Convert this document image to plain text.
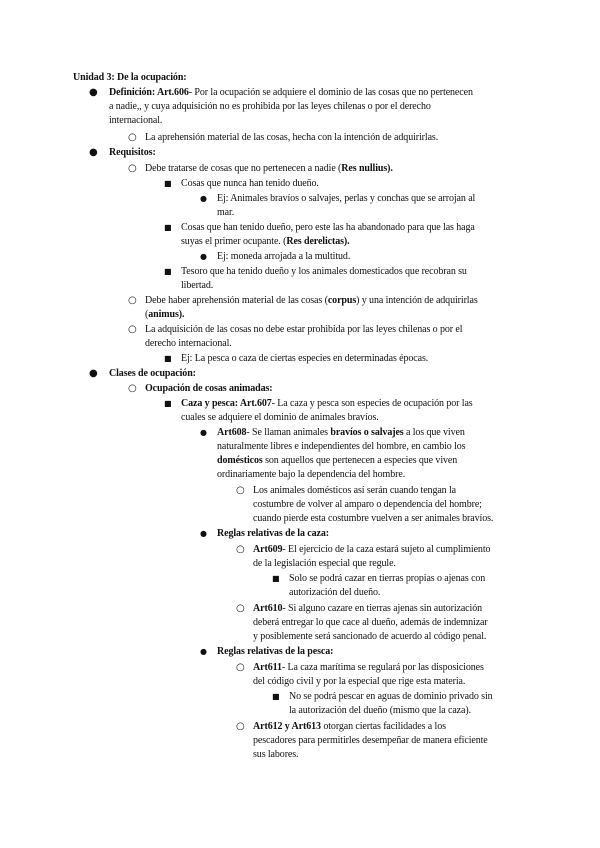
Unidad 3: De la ocupación:
● Definición: Art.606- Por la ocupación se adquiere el dominio de las cosas que no pertenecen
a nadie,, y cuya adquisición no es prohibida por las leyes chilenas o por el derecho
internacional.
○ La aprehensión material de las cosas, hecha con la intención de adquirirlas.
● Requisitos:
○ Debe tratarse de cosas que no pertenecen a nadie (Res nullius).
■ Cosas que nunca han tenido dueño.
● Ej: Animales bravíos o salvajes, perlas y conchas que se arrojan al
mar.
■ Cosas que han tenido dueño, pero este las ha abandonado para que las haga
suyas el primer ocupante. (Res derelictas).
● Ej: moneda arrojada a la multitud.
■ Tesoro que ha tenido dueño y los animales domesticados que recobran su
libertad.
○ Debe haber aprehensión material de las cosas (corpus) y una intención de adquirirlas
(animus).
○ La adquisición de las cosas no debe estar prohibida por las leyes chilenas o por el
derecho internacional.
■ Ej: La pesca o caza de ciertas especies en determinadas épocas.
● Clases de ocupación:
○ Ocupación de cosas animadas:
■ Caza y pesca: Art.607- La caza y pesca son especies de ocupación por las
cuales se adquiere el dominio de animales bravíos.
● Art608- Se llaman animales bravíos o salvajes a los que viven
naturalmente libres e independientes del hombre, en cambio los
domésticos son aquellos que pertenecen a especies que viven
ordinariamente bajo la dependencia del hombre.
○ Los animales domésticos así serán cuando tengan la
costumbre de volver al amparo o dependencia del hombre;
cuando pierde esta costumbre vuelven a ser animales bravíos.
● Reglas relativas de la caza:
○ Art609- El ejercicio de la caza estará sujeto al cumplimiento
de la legislación especial que regule.
■ Solo se podrá cazar en tierras propias o ajenas con
autorización del dueño.
○ Art610- Si alguno cazare en tierras ajenas sin autorización
deberá entregar lo que cace al dueño, además de indemnizar
y posiblemente será sancionado de acuerdo al código penal.
● Reglas relativas de la pesca:
○ Art611- La caza marítima se regulará por las disposiciones
del código civil y por la especial que rige esta materia.
■ No se podrá pescar en aguas de dominio privado sin
la autorización del dueño (mismo que la caza).
○ Art612 y Art613 otorgan ciertas facilidades a los
pescadores para permitirles desempeñar de manera eficiente
sus labores.
